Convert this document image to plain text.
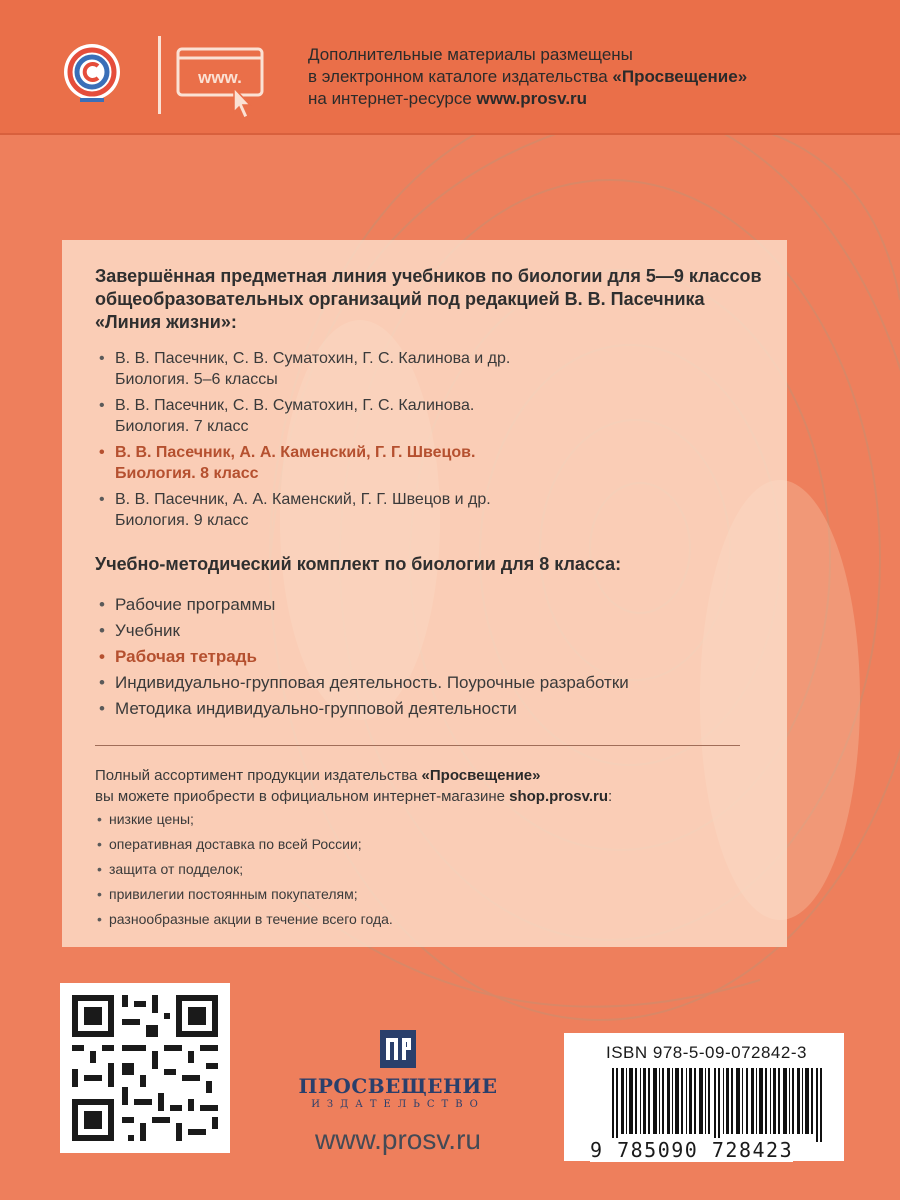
www.
Дополнительные материалы размещены
в электронном каталоге издательства «Просвещение»
на интернет-ресурсе www.prosv.ru

Завершённая предметная линия учебников по биологии для 5—9 классов общеобразовательных организаций под редакцией В. В. Пасечника «Линия жизни»:

• В. В. Пасечник, С. В. Суматохин, Г. С. Калинова и др.
Биология. 5–6 классы
• В. В. Пасечник, С. В. Суматохин, Г. С. Калинова.
Биология. 7 класс
• В. В. Пасечник, А. А. Каменский, Г. Г. Швецов.
Биология. 8 класс
• В. В. Пасечник, А. А. Каменский, Г. Г. Швецов и др.
Биология. 9 класс

Учебно-методический комплект по биологии для 8 класса:

• Рабочие программы
• Учебник
• Рабочая тетрадь
• Индивидуально-групповая деятельность. Поурочные разработки
• Методика индивидуально-групповой деятельности

Полный ассортимент продукции издательства «Просвещение»

вы можете приобрести в официальном интернет-магазине shop.prosv.ru:

• низкие цены;
• оперативная доставка по всей России;
• защита от подделок;
• привилегии постоянным покупателям;
• разнообразные акции в течение всего года.
ПРОСВЕЩЕНИЕ
ИЗДАТЕЛЬСТВО
www.prosv.ru
ISBN 978-5-09-072842-3
9 785090 728423
